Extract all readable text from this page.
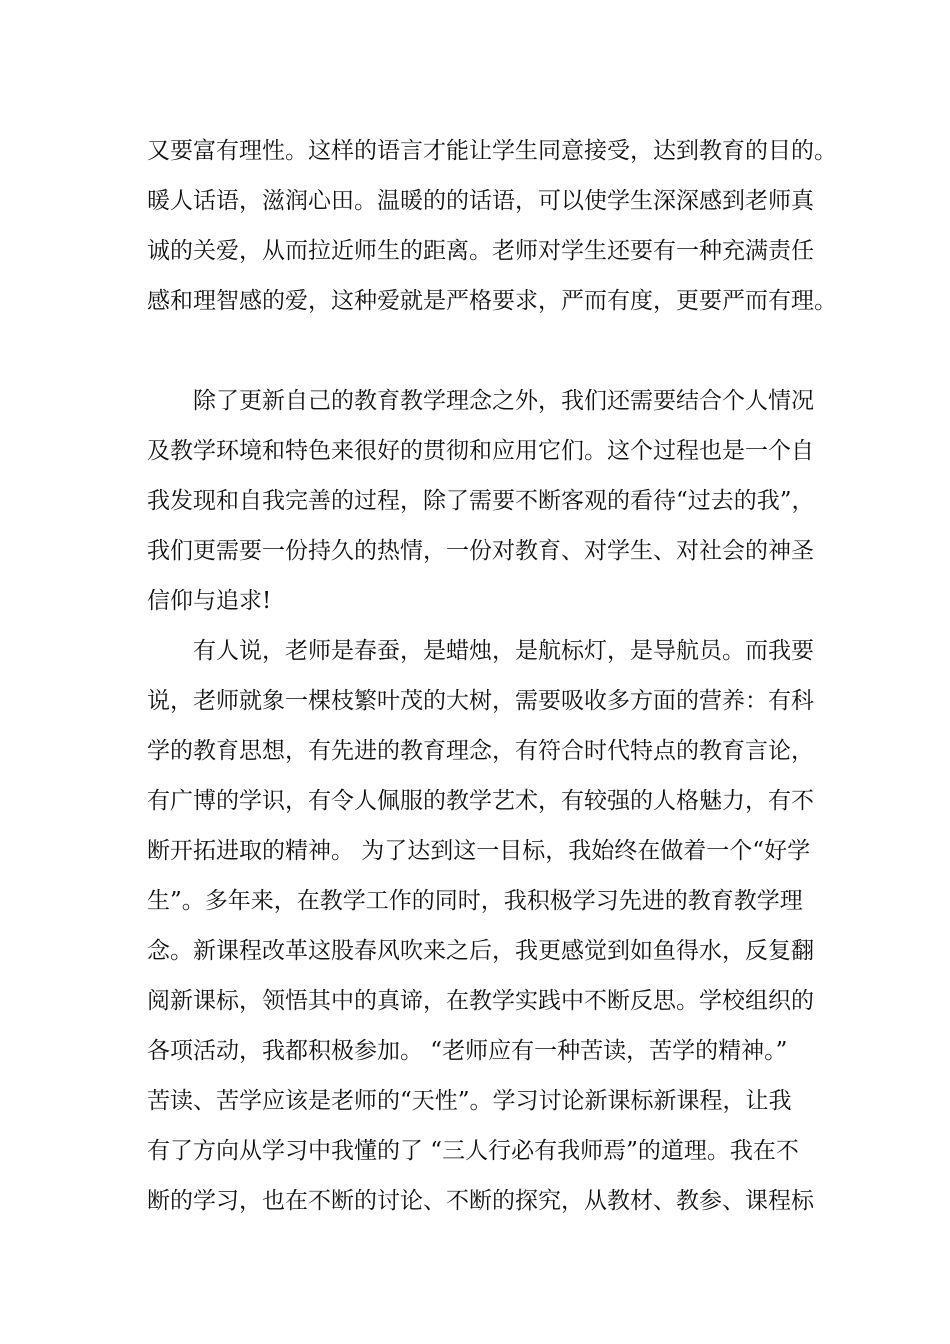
又要富有理性。这样的语言才能让学生同意接受，达到教育的目的。

暖人话语，滋润心田。温暖的的话语，可以使学生深深感到老师真

诚的关爱，从而拉近师生的距离。老师对学生还要有一种充满责任

感和理智感的爱，这种爱就是严格要求，严而有度，更要严而有理。

除了更新自己的教育教学理念之外，我们还需要结合个人情况

及教学环境和特色来很好的贯彻和应用它们。这个过程也是一个自

我发现和自我完善的过程，除了需要不断客观的看待“过去的我”，

我们更需要一份持久的热情，一份对教育、对学生、对社会的神圣

信仰与追求!

有人说，老师是春蚕，是蜡烛，是航标灯，是导航员。而我要

说，老师就象一棵枝繁叶茂的大树，需要吸收多方面的营养：有科

学的教育思想，有先进的教育理念，有符合时代特点的教育言论，

有广博的学识，有令人佩服的教学艺术，有较强的人格魅力，有不

断开拓进取的精神。 为了达到这一目标，我始终在做着一个“好学

生”。多年来，在教学工作的同时，我积极学习先进的教育教学理

念。新课程改革这股春风吹来之后，我更感觉到如鱼得水，反复翻

阅新课标，领悟其中的真谛，在教学实践中不断反思。学校组织的

各项活动，我都积极参加。 “老师应有一种苦读，苦学的精神。”

苦读、苦学应该是老师的“天性”。学习讨论新课标新课程，让我

有了方向从学习中我懂的了 “三人行必有我师焉”的道理。我在不

断的学习，也在不断的讨论、不断的探究，从教材、教参、课程标
